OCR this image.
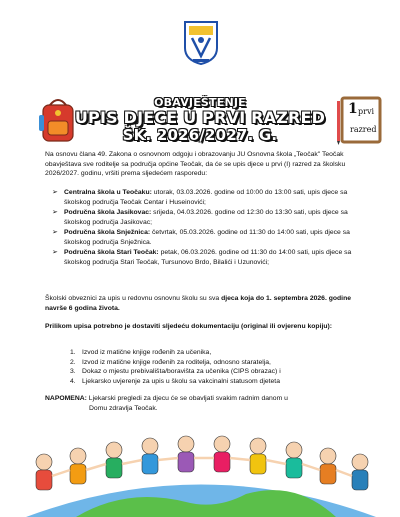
1 prvi
razred
OBAVJEŠTENJE
UPIS DJECE U PRVI RAZRED
ŠK. 2026/2027. G.
Na osnovu člana 49. Zakona o osnovnom odgoju i obrazovanju JU Osnovna škola „Teočak" Teočak obavještava sve roditelje sa područja općine Teočak, da će se upis djece u prvi (I) razred za školsku 2026/2027. godinu, vršiti prema sljedećem rasporedu:
➢ Centralna škola u Teočaku: utorak, 03.03.2026. godine od 10:00 do 13:00 sati, upis djece sa školskog područja Teočak Centar i Huseinovići;
➢ Područna škola Jasikovac: srijeda, 04.03.2026. godine od 12:30 do 13:30 sati, upis djece sa školskog područja Jasikovac;
➢ Područna škola Snježnica: četvrtak, 05.03.2026. godine od 11:30 do 14:00 sati, upis djece sa školskog područja Snježnica.
➢ Područna škola Stari Teočak: petak, 06.03.2026. godine od 11:30 do 14:00 sati, upis djece sa školskog područja Stari Teočak, Tursunovo Brdo, Bilalići i Uzunovići;
Školski obveznici za upis u redovnu osnovnu školu su sva djeca koja do 1. septembra 2026. godine navrše 6 godina života.
Prilikom upisa potrebno je dostaviti sljedeću dokumentaciju (original ili ovjerenu kopiju):
1. Izvod iz matične knjige rođenih za učenika,
2. Izvod iz matične knjige rođenih za roditelja, odnosno staratelja,
3. Dokaz o mjestu prebivališta/boravišta za učenika (CIPS obrazac) i
4. Ljekarsko uvjerenje za upis u školu sa vakcinalni statusom djeteta
NAPOMENA: Ljekarski pregledi za djecu će se obavljati svakim radnim danom u
Domu zdravlja Teočak.
